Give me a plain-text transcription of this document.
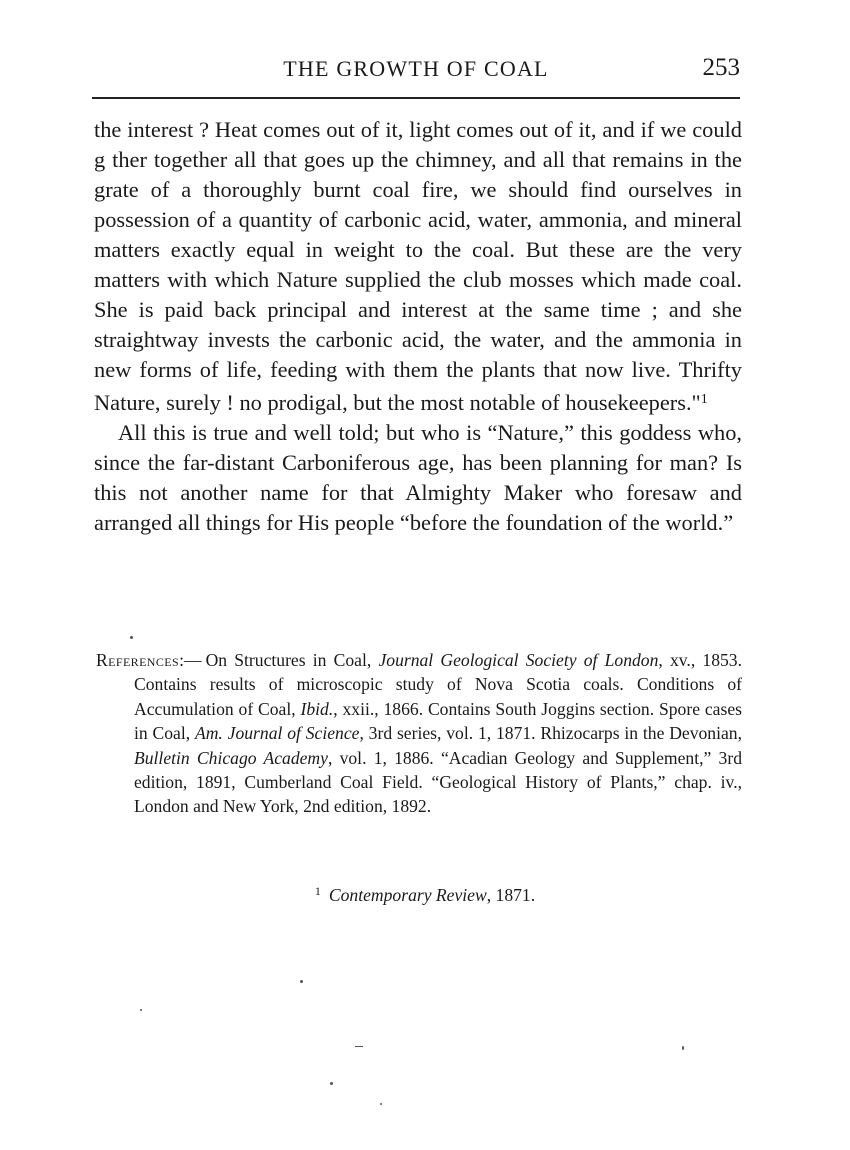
THE GROWTH OF COAL	253

the interest ? Heat comes out of it, light comes out of it, and if we could g ther together all that goes up the chimney, and all that remains in the grate of a thoroughly burnt coal fire, we should find ourselves in possession of a quantity of carbonic acid, water, ammonia, and mineral matters exactly equal in weight to the coal. But these are the very matters with which Nature supplied the club mosses which made coal. She is paid back principal and interest at the same time ; and she straightway invests the carbonic acid, the water, and the ammonia in new forms of life, feeding with them the plants that now live. Thrifty Nature, surely ! no prodigal, but the most notable of housekeepers."$^1$

All this is true and well told; but who is “Nature,” this goddess who, since the far-distant Carboniferous age, has been planning for man? Is this not another name for that Almighty Maker who foresaw and arranged all things for His people “before the foundation of the world.”

References:— On Structures in Coal, Journal Geological Society of London, xv., 1853. Contains results of microscopic study of Nova Scotia coals. Conditions of Accumulation of Coal, Ibid., xxii., 1866. Contains South Joggins section. Spore cases in Coal, Am. Journal of Science, 3rd series, vol. 1, 1871. Rhizocarps in the Devonian, Bulletin Chicago Academy, vol. 1, 1886. “Acadian Geology and Supplement,” 3rd edition, 1891, Cumberland Coal Field. “Geological History of Plants,” chap. iv., London and New York, 2nd edition, 1892.
$^1$ Contemporary Review, 1871.
